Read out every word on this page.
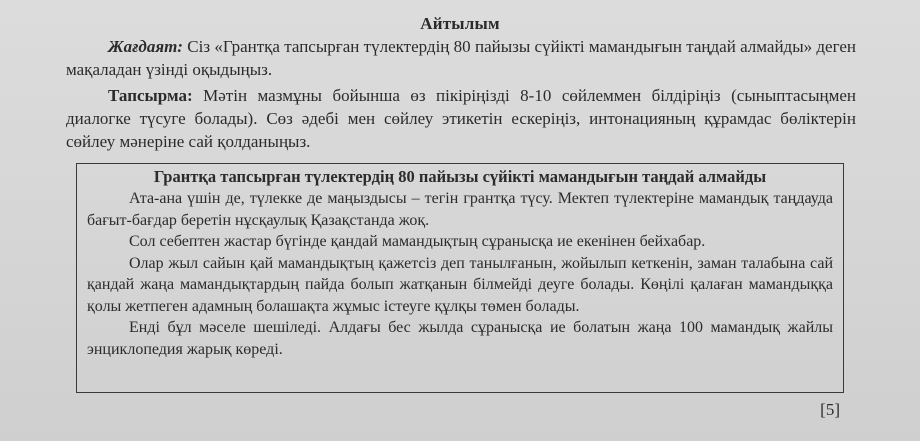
Айтылым
Жағдаят: Сіз «Грантқа тапсырған түлектердің 80 пайызы сүйікті мамандығын таңдай алмайды» деген мақаладан үзінді оқыдыңыз.
Тапсырма: Мәтін мазмұны бойынша өз пікіріңізді 8-10 сөйлеммен білдіріңіз (сыныптасыңмен диалогке түсуге болады). Сөз әдебі мен сөйлеу этикетін ескеріңіз, интонацияның құрамдас бөліктерін сөйлеу мәнеріне сай қолданыңыз.
Грантқа тапсырған түлектердің 80 пайызы сүйікті мамандығын таңдай алмайды

Ата-ана үшін де, түлекке де маңыздысы – тегін грантқа түсу. Мектеп түлектеріне мамандық таңдауда бағыт-бағдар беретін нұсқаулық Қазақстанда жоқ.

Сол себептен жастар бүгінде қандай мамандықтың сұранысқа ие екенінен бейхабар.

Олар жыл сайын қай мамандықтың қажетсіз деп танылғанын, жойылып кеткенін, заман талабына сай қандай жаңа мамандықтардың пайда болып жатқанын білмейді деуге болады. Көңілі қалаған мамандыққа қолы жетпеген адамның болашақта жұмыс істеуге құлқы төмен болады.

Енді бұл мәселе шешіледі. Алдағы бес жылда сұранысқа ие болатын жаңа 100 мамандық жайлы энциклопедия жарық көреді.

[5]
